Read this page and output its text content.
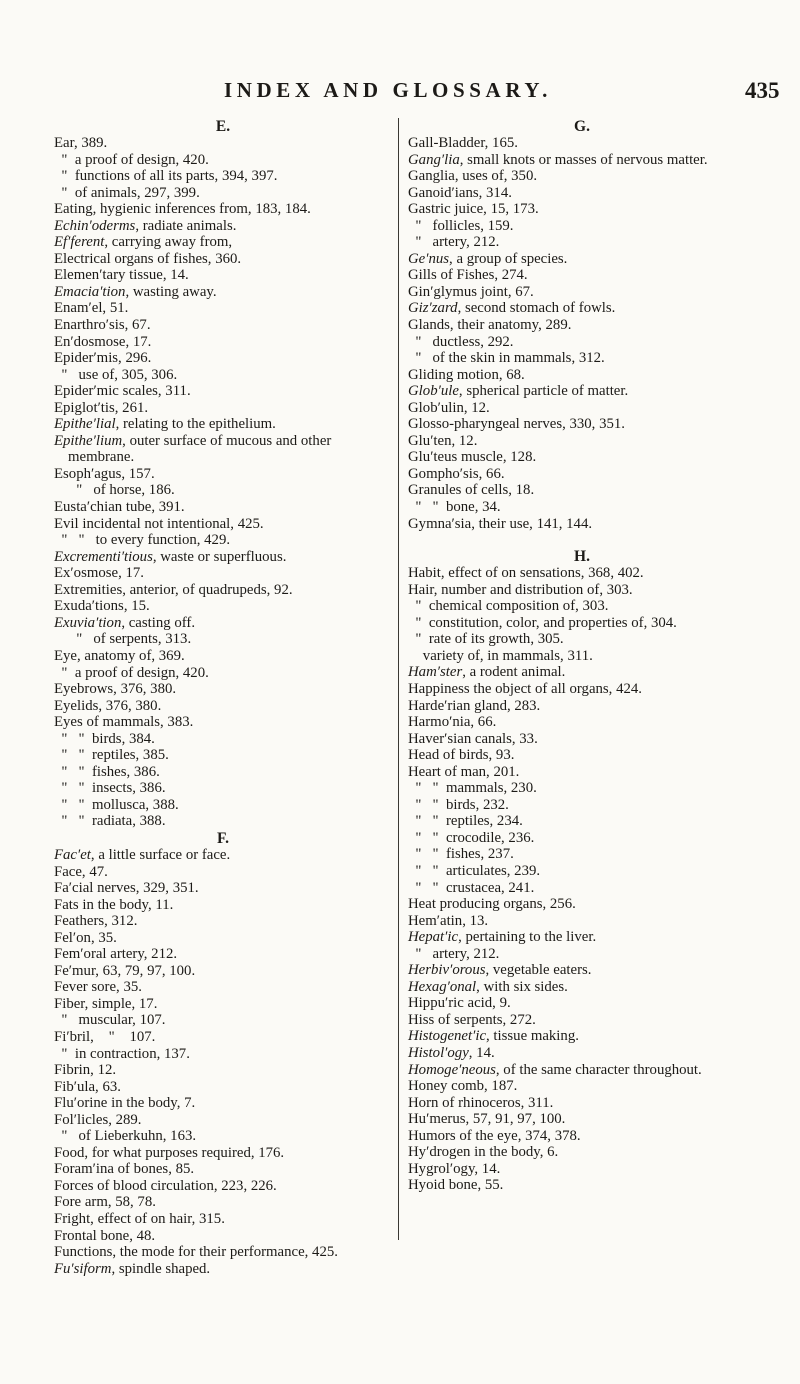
INDEX AND GLOSSARY.	435
E.
Ear, 389.
"  a proof of design, 420.
"  functions of all its parts, 394, 397.
"  of animals, 297, 399.
Eating, hygienic inferences from, 183, 184.
Echin′oderms, radiate animals.
Ef′ferent, carrying away from,
Electrical organs of fishes, 360.
Elemen′tary tissue, 14.
Emacia′tion, wasting away.
Enam′el, 51.
Enarthro′sis, 67.
En′dosmose, 17.
Epider′mis, 296.
"   use of, 305, 306.
Epider′mic scales, 311.
Epiglot′tis, 261.
Epithe′lial, relating to the epithelium.
Epithe′lium, outer surface of mucous and other membrane.
Esoph′agus, 157.
"   of horse, 186.
Eusta′chian tube, 391.
Evil incidental not intentional, 425.
"   "   to every function, 429.
Excrementi′tious, waste or superfluous.
Ex′osmose, 17.
Extremities, anterior, of quadrupeds, 92.
Exuda′tions, 15.
Exuvia′tion, casting off.
"   of serpents, 313.
Eye, anatomy of, 369.
"  a proof of design, 420.
Eyebrows, 376, 380.
Eyelids, 376, 380.
Eyes of mammals, 383.
"   "  birds, 384.
"   "  reptiles, 385.
"   "  fishes, 386.
"   "  insects, 386.
"   "  mollusca, 388.
"   "  radiata, 388.
F.
Fac′et, a little surface or face.
Face, 47.
Fa′cial nerves, 329, 351.
Fats in the body, 11.
Feathers, 312.
Fel′on, 35.
Fem′oral artery, 212.
Fe′mur, 63, 79, 97, 100.
Fever sore, 35.
Fiber, simple, 17.
"   muscular, 107.
Fi′bril,    "    107.
"  in contraction, 137.
Fibrin, 12.
Fib′ula, 63.
Flu′orine in the body, 7.
Fol′licles, 289.
"   of Lieberkuhn, 163.
Food, for what purposes required, 176.
Foram′ina of bones, 85.
Forces of blood circulation, 223, 226.
Fore arm, 58, 78.
Fright, effect of on hair, 315.
Frontal bone, 48.
Functions, the mode for their performance, 425.
Fu′siform, spindle shaped.
G.
Gall-Bladder, 165.
Gang′lia, small knots or masses of nervous matter.
Ganglia, uses of, 350.
Ganoid′ians, 314.
Gastric juice, 15, 173.
"   follicles, 159.
"   artery, 212.
Ge′nus, a group of species.
Gills of Fishes, 274.
Gin′glymus joint, 67.
Giz′zard, second stomach of fowls.
Glands, their anatomy, 289.
"   ductless, 292.
"   of the skin in mammals, 312.
Gliding motion, 68.
Glob′ule, spherical particle of matter.
Glob′ulin, 12.
Glosso-pharyngeal nerves, 330, 351.
Glu′ten, 12.
Glu′teus muscle, 128.
Gompho′sis, 66.
Granules of cells, 18.
"   "  bone, 34.
Gymna′sia, their use, 141, 144.
H.
Habit, effect of on sensations, 368, 402.
Hair, number and distribution of, 303.
"  chemical composition of, 303.
"  constitution, color, and properties of, 304.
"  rate of its growth, 305.
variety of, in mammals, 311.
Ham′ster, a rodent animal.
Happiness the object of all organs, 424.
Harde′rian gland, 283.
Harmo′nia, 66.
Haver′sian canals, 33.
Head of birds, 93.
Heart of man, 201.
"   "  mammals, 230.
"   "  birds, 232.
"   "  reptiles, 234.
"   "  crocodile, 236.
"   "  fishes, 237.
"   "  articulates, 239.
"   "  crustacea, 241.
Heat producing organs, 256.
Hem′atin, 13.
Hepat′ic, pertaining to the liver.
"   artery, 212.
Herbiv′orous, vegetable eaters.
Hexag′onal, with six sides.
Hippu′ric acid, 9.
Hiss of serpents, 272.
Histogenet′ic, tissue making.
Histol′ogy, 14.
Homoge′neous, of the same character throughout.
Honey comb, 187.
Horn of rhinoceros, 311.
Hu′merus, 57, 91, 97, 100.
Humors of the eye, 374, 378.
Hy′drogen in the body, 6.
Hygrol′ogy, 14.
Hyoid bone, 55.
